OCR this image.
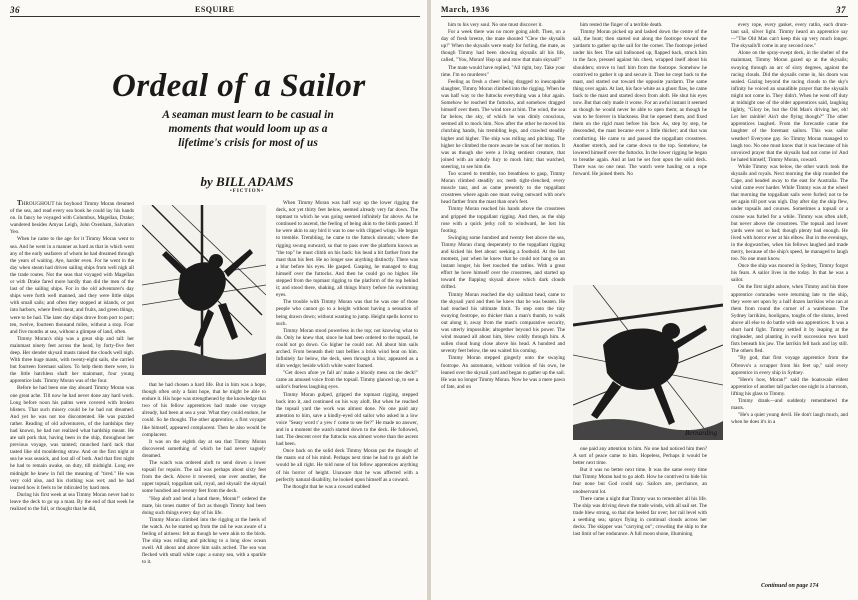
36	ESQUIRE
Ordeal of a Sailor
A seaman must learn to be casual in moments that would loom up as a lifetime's crisis for most of us
by BILL ADAMS
•FICTION•

THROUGHOUT his boyhood Timmy Moran dreamed of the sea, and read every sea book he could lay his hands on. In fancy he voyaged with Columbus, Magellan, Drake; wandered besides Amyas Leigh, John Oxenham, Salvation Yeo.

When he came to the age for it Timmy Moran went to sea. And he went in a manner as hard as that in which went any of the early seafarers of whom he had dreamed through the years of waiting. Aye, harder even. For he went in the day when steam had driven sailing ships from well nigh all the trade routes. Not the seas that voyaged with Magellan or with Drake fared more hardly than did the men of the last of the sailing ships. For in the old adventurer's day ships were forth well manned, and they were little ships with small sails; and often they stopped at islands, or put into harbors, where fresh meat, and fruits, and green things, were to be had. The later day ships drove from port to port; ten, twelve, fourteen thousand miles, without a stop. Four and five months at sea, without a glimpse of land, often.

Timmy Moran's ship was a great ship and tall: her mainmast ninety feet across the head, by forty-five feet deep. Her slender skysail masts raised the clouds well nigh. With three huge masts, with twenty-eight sails, she carried but fourteen foremast sailors. To help them there were, in the little hatchless shaft her mainmast, four young apprentice lads. Timmy Moran was of the four.

Before he had been one day aboard Timmy Moran was one great ache. Till now he had never done any hard work. Long before noon his palms were covered with broken blisters. That such misery could be he had not dreamed. And yet he was not too discontented. He was puzzled rather. Reading of old adventurers, of the hardships they had known, he had not realized what hardship meant. He ate salt pork that, having been in the ship, throughout her previous voyage, was tainted; munched hard tack that tasted like old mouldering straw. And on the first night at sea he was seasick, and lost all of both. And that first night he had to remain awake, on duty, till midnight. Long ere midnight he knew in full the meaning of "tired." He was very cold also, and his clothing was wet; and he had learned how it feels to be ridiculed by hard men.

During his first week at sea Timmy Moran never had to leave the deck to go up a mast. By the end of that week he realized to the full, or thought that he did,

that he had chosen a hard life. But in him was a hope, though often only a faint hope, that he might be able to endure it. His hope was strengthened by the knowledge that two of his fellow apprentices had made one voyage already, had been at sea a year. What they could endure, he could. So he thought. The other apprentice, a first voyager like himself, appeared complacent. Then he also would be complacent.

It was on the eighth day at sea that Timmy Moran discovered something of which he had never vaguely dreamed.

The watch was ordered aloft to send down a lower topsail for repairs. The sail was perhaps about sixty feet from the deck. Above it towered, one over another, the upper topsail, topgallant sail, royal, and skysail: the skysail some hundred and seventy feet from the deck.

"Hop aloft and lend a hand there, Moran!" ordered the mate, his tones matter of fact as though Timmy had been doing such things every day of his life.

Timmy Moran climbed into the rigging at the heels of the watch. As he started up from the rail he was aware of a feeling of airiness: felt as though he were akin to the birds. The ship was rolling and pitching to a long slow ocean swell. All about and above him sails arched. The sea was flecked with small white caps: a sunny sea, with a sparkle to it.

When Timmy Moran was half way up the lower rigging the deck, not yet thirty feet below, seemed already very far down. The topmast to which he was going seemed infinitely far above. As he continued to ascend, the feeling of being akin to the birds passed. If he were akin to any bird it was to one with clipped wings. He began to tremble. Trembling, he came to the futtock shrouds; where the rigging swung outward, so that to pass over the platform known as "the top" he must climb on his back: his head a bit farther from the mast than his feet. He no longer saw anything distinctly. There was a blur before his eyes. He gasped. Gasping, he managed to drag himself over the futtocks. And then he could go no higher. He stepped from the topmast rigging to the platform of the top behind it; and stood there, shaking, all things blurry before his swimming eyes.

The trouble with Timmy Moran was that he was one of those people who cannot go to a height without having a sensation of being drawn down; without wanting to jump. Height spells horror to such.

Timmy Moran stood powerless in the top; not knowing what to do. Only he knew that, since he had been ordered to the topsail, he could not go down. Go higher he could not. All about him sails arched. From beneath their taut bellies a brisk wind beat on him. Infinitely far below, the deck, seen through a blur, appeared as a slim wedge; beside which white water foamed.

"Get down afore ye fall an' make a bloody mess on the deck!" came an amused voice from the topsail. Timmy glanced up, to see a sailor's fearless laughing eyes.

Timmy Moran gulped, gripped the topmast rigging, stepped back into it, and continued on his way aloft. But when he reached the topsail yard the work was almost done. No one paid any attention to him, save a kindly-eyed old sailor who asked in a low voice "Seasy word t' a yew t' come to see fer?" He made no answer, and in a moment the watch started down to the deck. He followed, last. The descent over the futtocks was almost worse than the ascent had been.

Once back on the solid deck Timmy Moran put the thought of the masts out of his mind. Perhaps next time he had to go aloft he would be all right. He told none of his fellow apprentices anything of his horror of height. Unaware that he was affected with a perfectly natural disability, he looked upon himself as a coward.

The thought that he was a coward stabbed

March, 1936	37

him to his very soul. No one must discover it.

For a week there was no more going aloft. Then, on a day of fresh breeze, the mate shouted "Clew the skysails up!" When the skysails were ready for furling, the mate, as though Timmy had been showing skysails all his life, called, "You, Moran! Hop up and stow that main skysail!"

The mate would have replied, "All right, boy. Take your time. I'm no murderer."

Feeling as fresh a cheer being dragged to inescapable slaughter, Timmy Moran climbed into the rigging. When he was half way to the futtocks everything was a blur again. Somehow he reached the futtocks, and somehow dragged himself over them. The wind tore at him. The wind, the sea far below, the sky, of which he was dimly conscious, seemed all to mock him. Now after the other he moved his clutching hands, his trembling legs, and crawled steadily higher and higher. The ship was rolling and pitching. The higher he climbed the more aware he was of her motion. It was as though she were a living sentient creature, that joined with an unholy fury to mock him; that watched, sneering, to see him die.

Too scared to tremble, too breathless to gasp, Timmy Moran climbed steadily on; teeth tight-clenched, every muscle taut, and as came presently to the topgallant crosstrees where again one must swing outward with one's head farther from the mast than one's feet.

Timmy Moran reached his hands above the crosstrees and gripped the topgallant rigging. And then, as the ship rose with a quick jerky roll to windward, he lost his footing.

Swinging some hundred and twenty feet above the sea, Timmy Moran clung desperately to the topgallant rigging and kicked his feet about: seeking a foothold. At the last moment, just when he knew that he could not hang on an instant longer, his feet touched the ratlins. With a great effort he hove himself over the crosstrees, and started up toward the flapping skysail above which dark clouds drifted.

Timmy Moran reached the sky sailmast head, came to the skysail yard and then he knew that he was beaten. He had reached his ultimate limit. To step onto the tiny swaying footrope, no thicker than a man's thumb, to walk out along it, away from the mast's comparative security, was utterly impossible; altogether beyond his power. The wind moaned all about him, blew coldly through him. A sullen cloud hung close above his head. A hundred and seventy feet below, the sea waited his coming.

Timmy Moran stepped gingerly onto the swaying footrope. An automaton, without volition of his own, he leaned over the skysail yard and began to gather up the sail. He was no longer Timmy Moran. Now he was a mere pawn of fate, and on

him rested the finger of a terrible death.

Timmy Moran picked up and lashed down the centre of the sail, the bunt; then started out along the footrope toward the yardarm to gather up the sail for the corner. The footrope jerked under his feet. The sail ballooned up, flapped back, struck him in the face, pressed against his chest, wrapped itself about his shoulders; strove to hurl him from the footrope. Somehow he contrived to gather it up and secure it. Then he crept back to the mast, and started out toward the opposite yardarm. The same thing over again. At last, his face white as a ghost flaw, he came back to the mast and started down from aloft. He shut his eyes now. But that only made it worse. For an awful instant it seemed as though he would never be able to open them; as though he was to be forever in blackness. But he opened them, and fixed them on the rigid mast before his face. As, step by step, he descended, the mast became ever a little thicker; and that was comforting. He came to and passed the topgallant crosstrees. Another stretch, and he came down to the top. Somehow, he lowered himself over the futtocks. In the lower rigging he began to breathe again. And at last he set foot upon the solid deck. There was no one near. The watch were hauling on a rope forward. He joined them. No

Bernarding

one paid any attention to him. No one had noticed him then? A sort of peace came to him. Hopeless, Perhaps it would be better next time.

But it was no better next time. It was the same every time that Timmy Moran had to go aloft. How he contrived to hide his fear none but God could say. Sailors are, perchance, an unobservant lot.

There came a night that Timmy was to remember all his life. The ship was driving down the trade winds, with all sail set. The trade blew strong, so that she heeled far over; her rail level with a seething sea; sprays flying in continual clouds across her decks. The skipper was "carrying on"; crowding the ship to the last limit of her endurance. A full moon shone, illumining

every rope, every gasket, every ratlin, each drum-taut sail, silver light. Timmy heard an apprentice say—"The Old Man can't keep this up very much longer. The skysails'll come in any second now."

Alone on the spray-swept deck, in the shelter of the mainmast, Timmy Moran gazed up at the skysails; swaying through an arc of sixty degrees, against the racing clouds. Did the skysails come in, his doom was sealed. Gazing beyond the racing clouds to the sky's infinity he voiced an unaudible prayer that the skysails might not come in. They didn't. When he went off duty at midnight one of the older apprentices said, laughing lightly, "Glory be, but the Old Man's driving her, eh! Let her rainble! Ain't she flying though?" The other apprentices laughed. From the forecastle came the laughter of the foremast sailors. This was sailor weather! Everyone gay. So Timmy Moran managed to laugh too. No one must know that it was because of his unvoiced prayer that the skysails had not come in! And he hated himself, Timmy Moran, coward.

While Timmy was below, the other watch took the skysails and royals. Next morning the ship rounded the Cape, and headed away to the east for Australia. The wind came ever harder. While Timmy was at the wheel that morning the topgallant sails were furled; not to be set again till port was nigh. Day after day the ship flew, under topsails and courses. Sometimes a topsail or a course was furled for a while. Timmy was often aloft, but never above the crosstrees. The topsail and lower yards were not so bad; though plenty bad enough. He lived with horror ever at his elbow. But in the evenings, in the dogwatches, when his fellows laughed and made merry, because of the ship's speed, he managed to laugh too. No one must know.

Once the ship was moored in Sydney, Timmy forgot his fears. A sailor lives in the today. In that he was a sailor.

On the first night ashore, when Timmy and his three apprentice comrades were returning late to the ship, they were set upon by a half dozen larrikins who ran at them from round the corner of a warehouse. The Sydney larrikins, hooligans, toughs of the slums, loved above all else to do battle with sea apprentices. It was a short hard fight. Timmy settled it by leaping at the ringleader, and planting in swift succession two hard fists beneath his jaw. The larrikin fell back and lay still. The others fled.

"By god, that first voyage apprentice from the Ofrenvo's a scrapper from his feet up," said every apprentice in every ship in Sydney.

"Here's how, Moran!" said the boatswain eldest apprentice of another tall packet one night in a barroom, lifting his glass to Timmy.

Timmy drank—and suddenly remembered the masts.

"He's a quiet young devil. He don't laugh much, and when he does it's in a

Continued on page 174
